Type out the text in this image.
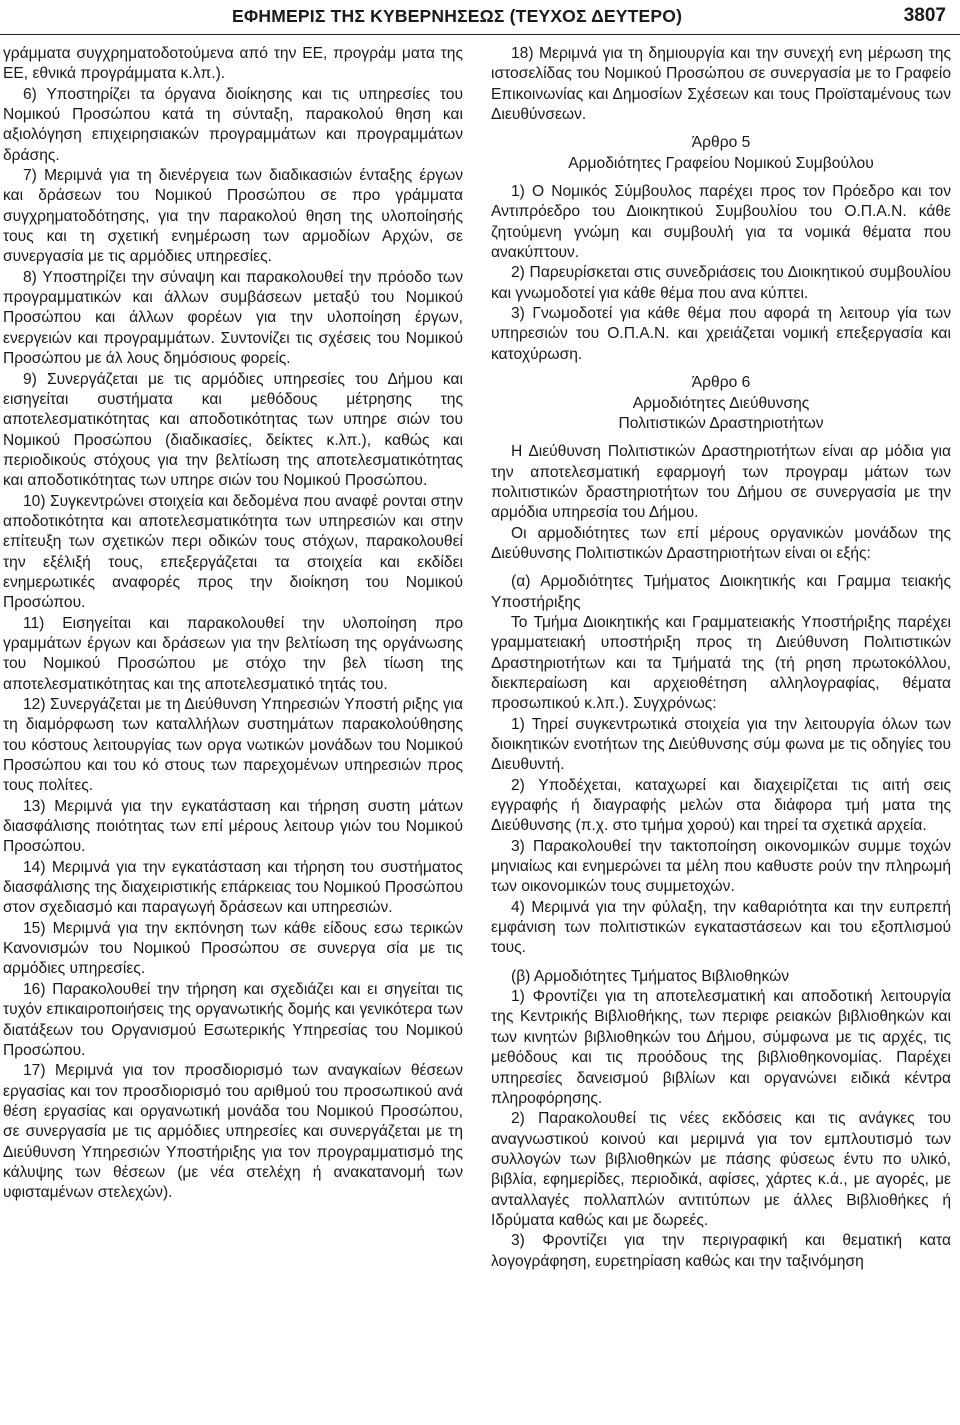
ΕΦΗΜΕΡΙΣ ΤΗΣ ΚΥΒΕΡΝΗΣΕΩΣ (ΤΕΥΧΟΣ ΔΕΥΤΕΡΟ)	3807

γράμματα συγχρηματοδοτούμενα από την ΕΕ, προγράμ ματα της ΕΕ, εθνικά προγράμματα κ.λπ.).

6) Υποστηρίζει τα όργανα διοίκησης και τις υπηρεσίες του Νομικού Προσώπου κατά τη σύνταξη, παρακολού θηση και αξιολόγηση επιχειρησιακών προγραμμάτων και προγραμμάτων δράσης.

7) Μεριμνά για τη διενέργεια των διαδικασιών ένταξης έργων και δράσεων του Νομικού Προσώπου σε προ γράμματα συγχρηματοδότησης, για την παρακολού θηση της υλοποίησής τους και τη σχετική ενημέρωση των αρμοδίων Αρχών, σε συνεργασία με τις αρμόδιες υπηρεσίες.

8) Υποστηρίζει την σύναψη και παρακολουθεί την πρόοδο των προγραμματικών και άλλων συμβάσεων μεταξύ του Νομικού Προσώπου και άλλων φορέων για την υλοποίηση έργων, ενεργειών και προγραμμάτων. Συντονίζει τις σχέσεις του Νομικού Προσώπου με άλ λους δημόσιους φορείς.

9) Συνεργάζεται με τις αρμόδιες υπηρεσίες του Δήμου και εισηγείται συστήματα και μεθόδους μέτρησης της αποτελεσματικότητας και αποδοτικότητας των υπηρε σιών του Νομικού Προσώπου (διαδικασίες, δείκτες κ.λπ.), καθώς και περιοδικούς στόχους για την βελτίωση της αποτελεσματικότητας και αποδοτικότητας των υπηρε σιών του Νομικού Προσώπου.

10) Συγκεντρώνει στοιχεία και δεδομένα που αναφέ ρονται στην αποδοτικότητα και αποτελεσματικότητα των υπηρεσιών και στην επίτευξη των σχετικών περι οδικών τους στόχων, παρακολουθεί την εξέλιξή τους, επεξεργάζεται τα στοιχεία και εκδίδει ενημερωτικές αναφορές προς την διοίκηση του Νομικού Προσώπου.

11) Εισηγείται και παρακολουθεί την υλοποίηση προ γραμμάτων έργων και δράσεων για την βελτίωση της οργάνωσης του Νομικού Προσώπου με στόχο την βελ τίωση της αποτελεσματικότητας και της αποτελεσματικό τητάς του.

12) Συνεργάζεται με τη Διεύθυνση Υπηρεσιών Υποστή ριξης για τη διαμόρφωση των καταλλήλων συστημάτων παρακολούθησης του κόστους λειτουργίας των οργα νωτικών μονάδων του Νομικού Προσώπου και του κό στους των παρεχομένων υπηρεσιών προς τους πολίτες.

13) Μεριμνά για την εγκατάσταση και τήρηση συστη μάτων διασφάλισης ποιότητας των επί μέρους λειτουρ γιών του Νομικού Προσώπου.

14) Μεριμνά για την εγκατάσταση και τήρηση του συστήματος διασφάλισης της διαχειριστικής επάρκειας του Νομικού Προσώπου στον σχεδιασμό και παραγωγή δράσεων και υπηρεσιών.

15) Μεριμνά για την εκπόνηση των κάθε είδους εσω τερικών Κανονισμών του Νομικού Προσώπου σε συνεργα σία με τις αρμόδιες υπηρεσίες.

16) Παρακολουθεί την τήρηση και σχεδιάζει και ει σηγείται τις τυχόν επικαιροποιήσεις της οργανωτικής δομής και γενικότερα των διατάξεων του Οργανισμού Εσωτερικής Υπηρεσίας του Νομικού Προσώπου.

17) Μεριμνά για τον προσδιορισμό των αναγκαίων θέσεων εργασίας και τον προσδιορισμό του αριθμού του προσωπικού ανά θέση εργασίας και οργανωτική μονάδα του Νομικού Προσώπου, σε συνεργασία με τις αρμόδιες υπηρεσίες και συνεργάζεται με τη Διεύθυνση Υπηρεσιών Υποστήριξης για τον προγραμματισμό της κάλυψης των θέσεων (με νέα στελέχη ή ανακατανομή των υφισταμένων στελεχών).

18) Μεριμνά για τη δημιουργία και την συνεχή ενη μέρωση της ιστοσελίδας του Νομικού Προσώπου σε συνεργασία με το Γραφείο Επικοινωνίας και Δημοσίων Σχέσεων και τους Προϊσταμένους των Διευθύνσεων.

Άρθρο 5

Αρμοδιότητες Γραφείου Νομικού Συμβούλου

1) Ο Νομικός Σύμβουλος παρέχει προς τον Πρόεδρο και τον Αντιπρόεδρο του Διοικητικού Συμβουλίου του Ο.Π.Α.Ν. κάθε ζητούμενη γνώμη και συμβουλή για τα νομικά θέματα που ανακύπτουν.

2) Παρευρίσκεται στις συνεδριάσεις του Διοικητικού συμβουλίου και γνωμοδοτεί για κάθε θέμα που ανα κύπτει.

3) Γνωμοδοτεί για κάθε θέμα που αφορά τη λειτουρ γία των υπηρεσιών του Ο.Π.Α.Ν. και χρειάζεται νομική επεξεργασία και κατοχύρωση.

Άρθρο 6

Αρμοδιότητες Διεύθυνσης

Πολιτιστικών Δραστηριοτήτων

Η Διεύθυνση Πολιτιστικών Δραστηριοτήτων είναι αρ μόδια για την αποτελεσματική εφαρμογή των προγραμ μάτων των πολιτιστικών δραστηριοτήτων του Δήμου σε συνεργασία με την αρμόδια υπηρεσία του Δήμου.

Οι αρμοδιότητες των επί μέρους οργανικών μονάδων της Διεύθυνσης Πολιτιστικών Δραστηριοτήτων είναι οι εξής:

(α) Αρμοδιότητες Τμήματος Διοικητικής και Γραμμα τειακής Υποστήριξης

Το Τμήμα Διοικητικής και Γραμματειακής Υποστήριξης παρέχει γραμματειακή υποστήριξη προς τη Διεύθυνση Πολιτιστικών Δραστηριοτήτων και τα Τμήματά της (τή ρηση πρωτοκόλλου, διεκπεραίωση και αρχειοθέτηση αλληλογραφίας, θέματα προσωπικού κ.λπ.). Συγχρόνως:

1) Τηρεί συγκεντρωτικά στοιχεία για την λειτουργία όλων των διοικητικών ενοτήτων της Διεύθυνσης σύμ φωνα με τις οδηγίες του Διευθυντή.

2) Υποδέχεται, καταχωρεί και διαχειρίζεται τις αιτή σεις εγγραφής ή διαγραφής μελών στα διάφορα τμή ματα της Διεύθυνσης (π.χ. στο τμήμα χορού) και τηρεί τα σχετικά αρχεία.

3) Παρακολουθεί την τακτοποίηση οικονομικών συμμε τοχών μηνιαίως και ενημερώνει τα μέλη που καθυστε ρούν την πληρωμή των οικονομικών τους συμμετοχών.

4) Μεριμνά για την φύλαξη, την καθαριότητα και την ευπρεπή εμφάνιση των πολιτιστικών εγκαταστάσεων και του εξοπλισμού τους.

(β) Αρμοδιότητες Τμήματος Βιβλιοθηκών

1) Φροντίζει για τη αποτελεσματική και αποδοτική λειτουργία της Κεντρικής Βιβλιοθήκης, των περιφε ρειακών βιβλιοθηκών και των κινητών βιβλιοθηκών του Δήμου, σύμφωνα με τις αρχές, τις μεθόδους και τις προόδους της βιβλιοθηκονομίας. Παρέχει υπηρεσίες δανεισμού βιβλίων και οργανώνει ειδικά κέντρα πληροφόρησης.

2) Παρακολουθεί τις νέες εκδόσεις και τις ανάγκες του αναγνωστικού κοινού και μεριμνά για τον εμπλουτισμό των συλλογών των βιβλιοθηκών με πάσης φύσεως έντυ πο υλικό, βιβλία, εφημερίδες, περιοδικά, αφίσες, χάρτες κ.ά., με αγορές, με ανταλλαγές πολλαπλών αντιτύπων με άλλες Βιβλιοθήκες ή Ιδρύματα καθώς και με δωρεές.

3) Φροντίζει για την περιγραφική και θεματική κατα λογογράφηση, ευρετηρίαση καθώς και την ταξινόμηση
